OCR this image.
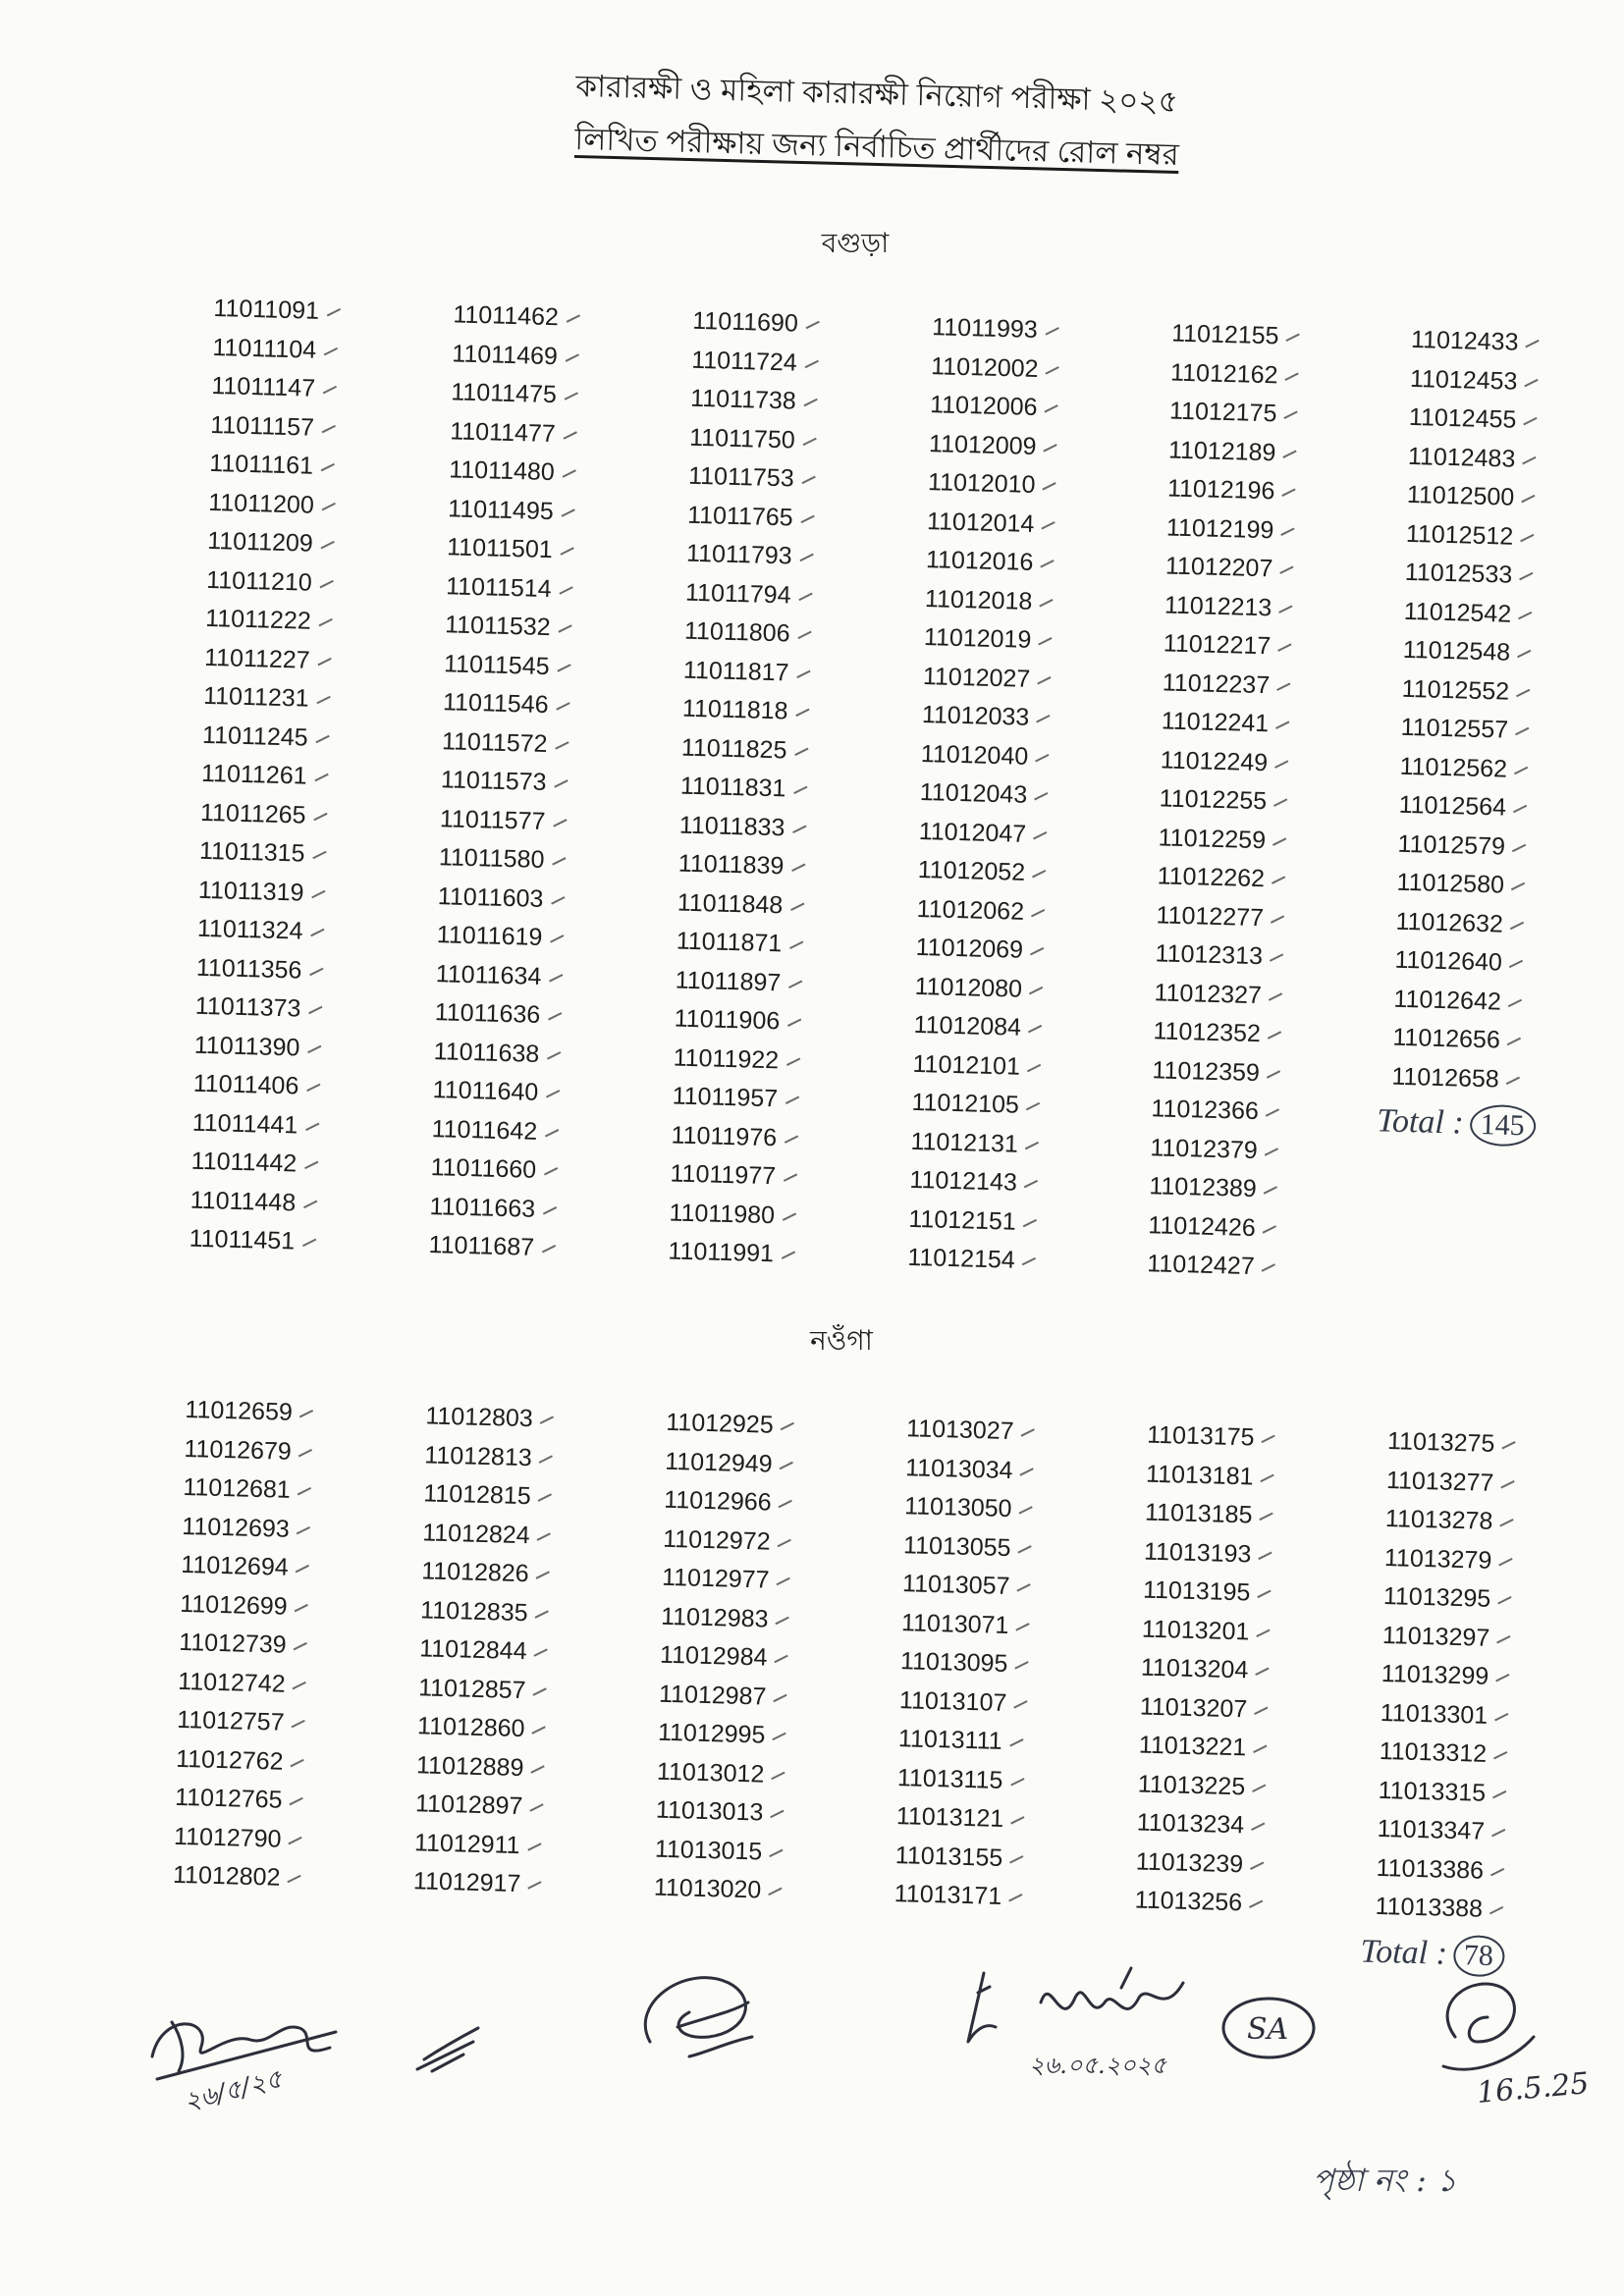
কারারক্ষী ও মহিলা কারারক্ষী নিয়োগ পরীক্ষা ২০২৫
লিখিত পরীক্ষায় জন্য নির্বাচিত প্রার্থীদের রোল নম্বর
বগুড়া
11011091
11011104
11011147
11011157
11011161
11011200
11011209
11011210
11011222
11011227
11011231
11011245
11011261
11011265
11011315
11011319
11011324
11011356
11011373
11011390
11011406
11011441
11011442
11011448
11011451
11011462
11011469
11011475
11011477
11011480
11011495
11011501
11011514
11011532
11011545
11011546
11011572
11011573
11011577
11011580
11011603
11011619
11011634
11011636
11011638
11011640
11011642
11011660
11011663
11011687
11011690
11011724
11011738
11011750
11011753
11011765
11011793
11011794
11011806
11011817
11011818
11011825
11011831
11011833
11011839
11011848
11011871
11011897
11011906
11011922
11011957
11011976
11011977
11011980
11011991
11011993
11012002
11012006
11012009
11012010
11012014
11012016
11012018
11012019
11012027
11012033
11012040
11012043
11012047
11012052
11012062
11012069
11012080
11012084
11012101
11012105
11012131
11012143
11012151
11012154
11012155
11012162
11012175
11012189
11012196
11012199
11012207
11012213
11012217
11012237
11012241
11012249
11012255
11012259
11012262
11012277
11012313
11012327
11012352
11012359
11012366
11012379
11012389
11012426
11012427
11012433
11012453
11012455
11012483
11012500
11012512
11012533
11012542
11012548
11012552
11012557
11012562
11012564
11012579
11012580
11012632
11012640
11012642
11012656
11012658
Total : 145
নওঁগা
11012659
11012679
11012681
11012693
11012694
11012699
11012739
11012742
11012757
11012762
11012765
11012790
11012802
11012803
11012813
11012815
11012824
11012826
11012835
11012844
11012857
11012860
11012889
11012897
11012911
11012917
11012925
11012949
11012966
11012972
11012977
11012983
11012984
11012987
11012995
11013012
11013013
11013015
11013020
11013027
11013034
11013050
11013055
11013057
11013071
11013095
11013107
11013111
11013115
11013121
11013155
11013171
11013175
11013181
11013185
11013193
11013195
11013201
11013204
11013207
11013221
11013225
11013234
11013239
11013256
11013275
11013277
11013278
11013279
11013295
11013297
11013299
11013301
11013312
11013315
11013347
11013386
11013388
Total : 78
২৬/৫/২৫	২৬.০৫.২০২৫
SA
16.5.25
পৃষ্ঠা নং : ১
